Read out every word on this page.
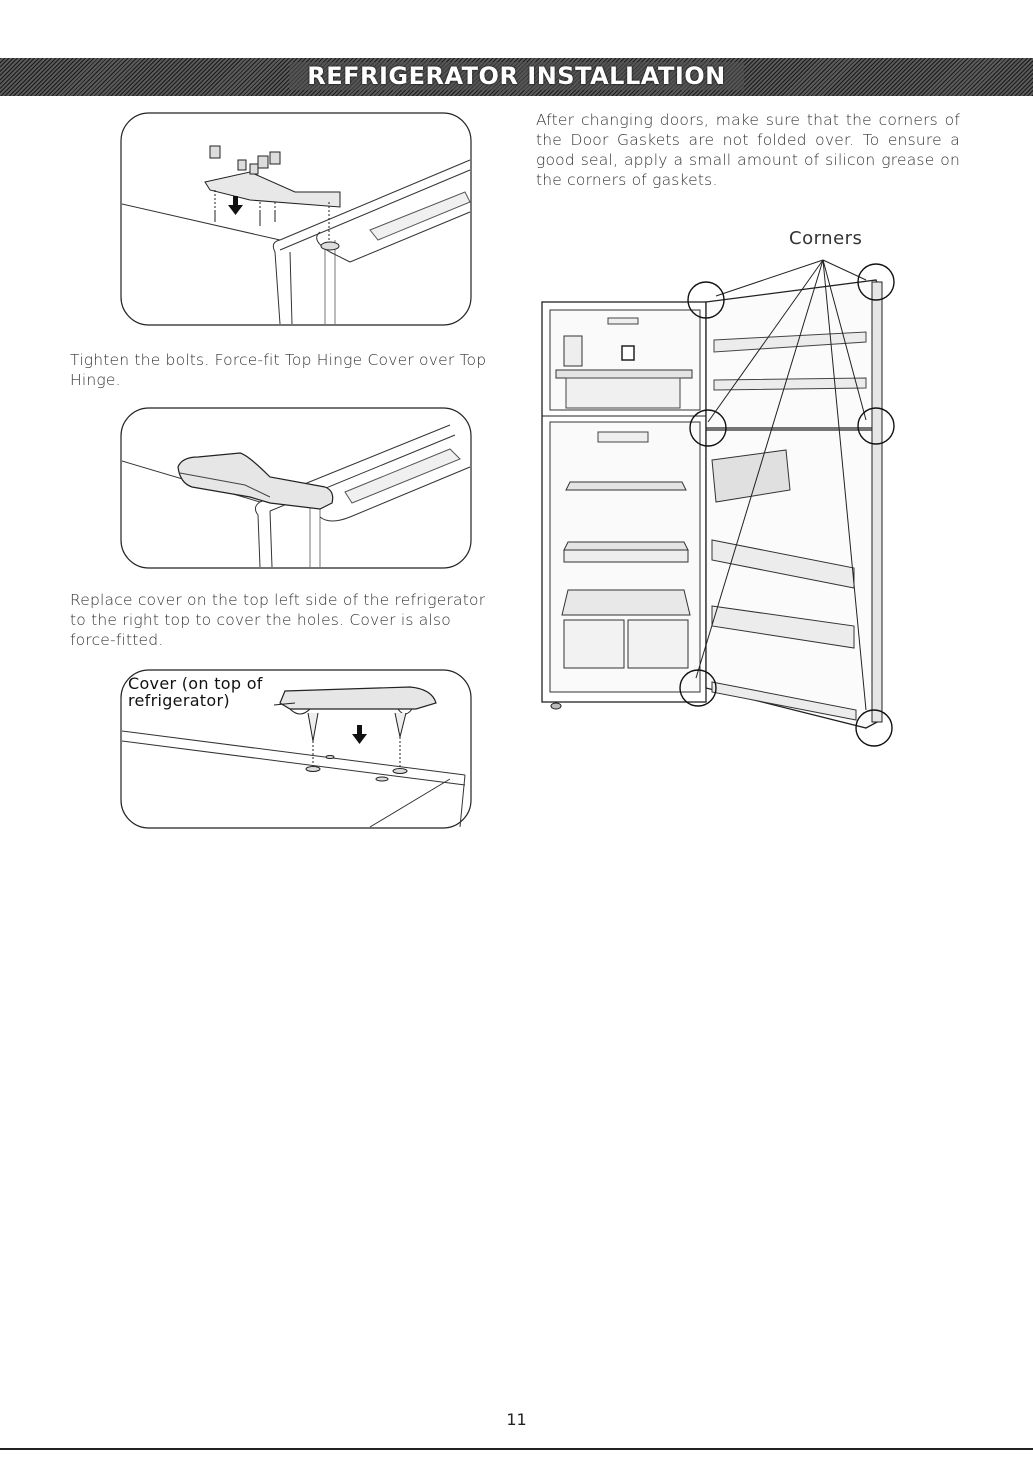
REFRIGERATOR INSTALLATION
Tighten the bolts. Force-fit Top Hinge Cover over Top Hinge.
Replace cover on the top left side of the refrigerator to the right top to cover the holes. Cover is also force-fitted.
Cover (on top of refrigerator)
After changing doors, make sure that the corners of the Door Gaskets are not folded over. To ensure a good seal, apply a small amount of silicon grease on the corners of gaskets.
Corners
11
